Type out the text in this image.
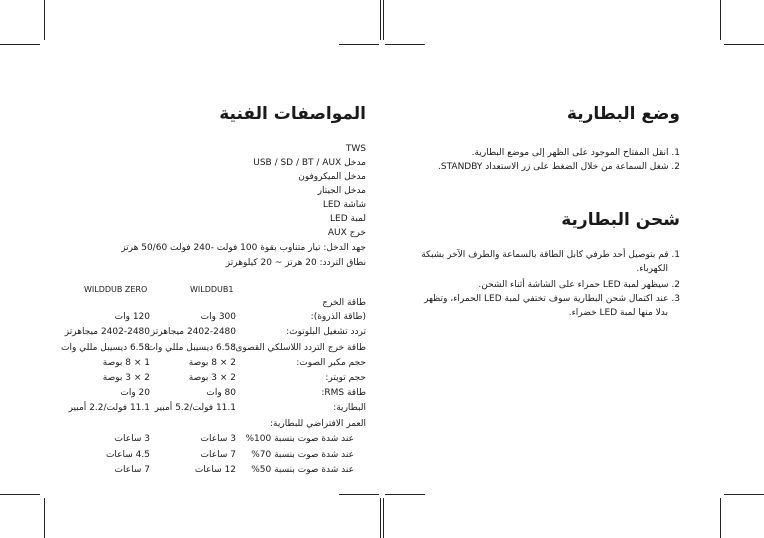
وضع البطارية
1. انقل المفتاح الموجود على الظهر إلى موضع البطارية.
2. شغل السماعة من خلال الضغط على زر الاستعداد STANDBY.
شحن البطارية
1. قم بتوصيل أحد طرفي كابل الطاقة بالسماعة والطرف الآخر بشبكة
الكهرباء.
2. سيظهر لمبة LED حمراء على الشاشة أثناء الشحن.
3. عند اكتمال شحن البطارية سوف تختفي لمبة LED الحمراء، وتظهر
بدلا منها لمبة LED خضراء.
المواصفات الفنية
TWS
مدخل USB / SD / BT / AUX
مدخل الميكروفون
مدخل الجيتار
شاشة LED
لمبة LED
خرج AUX
جهد الدخل: تيار متناوب بقوة 100 فولت -240 فولت 50/60 هرتز
نطاق التردد: 20 هرتز ~ 20 كيلوهرتز
WILDDUB1
WILDDUB ZERO
طاقة الخرج
(طاقة الذروة):
300 وات
120 وات
تردد تشغيل البلوتوث:
2402-2480 ميجاهرتز
2402-2480 ميجاهرتز
طاقة خرج التردد اللاسلكي القصوى:
6.58 ديسيبل مللي وات
6.58 ديسيبل مللي وات
حجم مكبر الصوت:
2 × 8 بوصة
1 × 8 بوصة
حجم تويتر:
2 × 3 بوصة
2 × 3 بوصة
طاقة RMS:
80 وات
20 وات
البطارية:
11.1 فولت/5.2 أمبير
11.1 فولت/2.2 أمبير
العمر الافتراضي للبطارية:
عند شدة صوت بنسبة 100%
3 ساعات
3 ساعات
عند شدة صوت بنسبة 70%
7 ساعات
4.5 ساعات
عند شدة صوت بنسبة 50%
12 ساعات
7 ساعات
